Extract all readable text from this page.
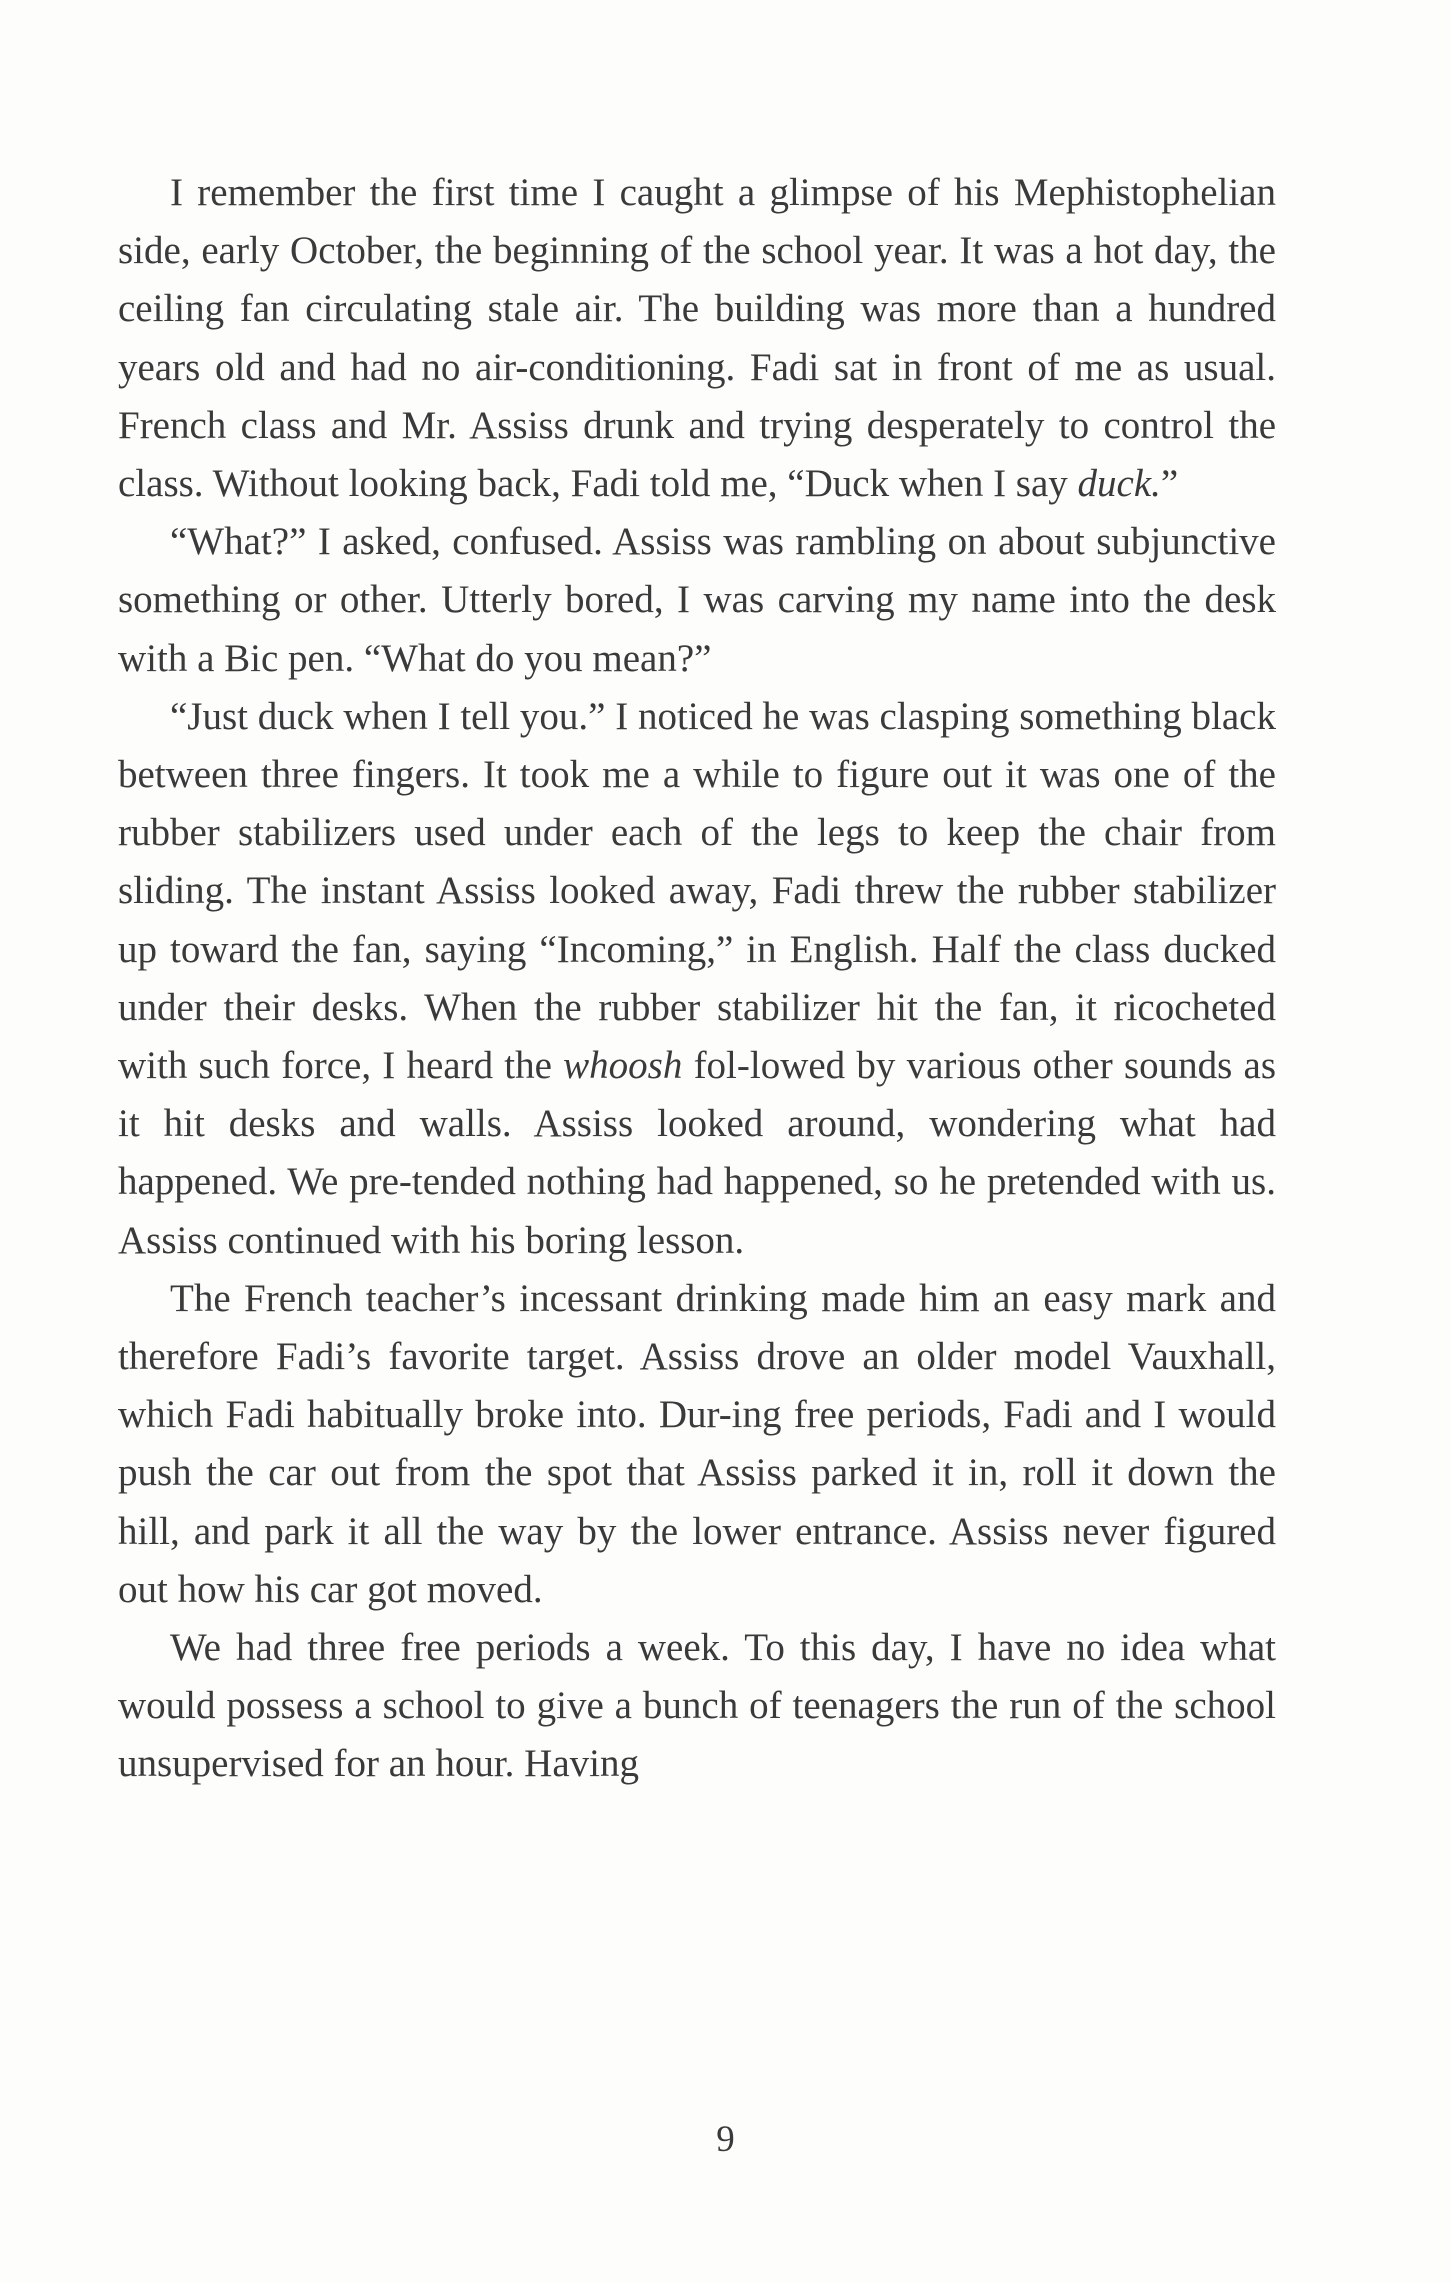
I remember the first time I caught a glimpse of his Mephistophelian side, early October, the beginning of the school year. It was a hot day, the ceiling fan circulating stale air. The building was more than a hundred years old and had no air-conditioning. Fadi sat in front of me as usual. French class and Mr. Assiss drunk and trying desperately to control the class. Without looking back, Fadi told me, “Duck when I say duck.”

“What?” I asked, confused. Assiss was rambling on about subjunctive something or other. Utterly bored, I was carving my name into the desk with a Bic pen. “What do you mean?”

“Just duck when I tell you.” I noticed he was clasping something black between three fingers. It took me a while to figure out it was one of the rubber stabilizers used under each of the legs to keep the chair from sliding. The instant Assiss looked away, Fadi threw the rubber stabilizer up toward the fan, saying “Incoming,” in English. Half the class ducked under their desks. When the rubber stabilizer hit the fan, it ricocheted with such force, I heard the whoosh fol-lowed by various other sounds as it hit desks and walls. Assiss looked around, wondering what had happened. We pre-tended nothing had happened, so he pretended with us. Assiss continued with his boring lesson.

The French teacher’s incessant drinking made him an easy mark and therefore Fadi’s favorite target. Assiss drove an older model Vauxhall, which Fadi habitually broke into. Dur-ing free periods, Fadi and I would push the car out from the spot that Assiss parked it in, roll it down the hill, and park it all the way by the lower entrance. Assiss never figured out how his car got moved.

We had three free periods a week. To this day, I have no idea what would possess a school to give a bunch of teenagers the run of the school unsupervised for an hour. Having

9
